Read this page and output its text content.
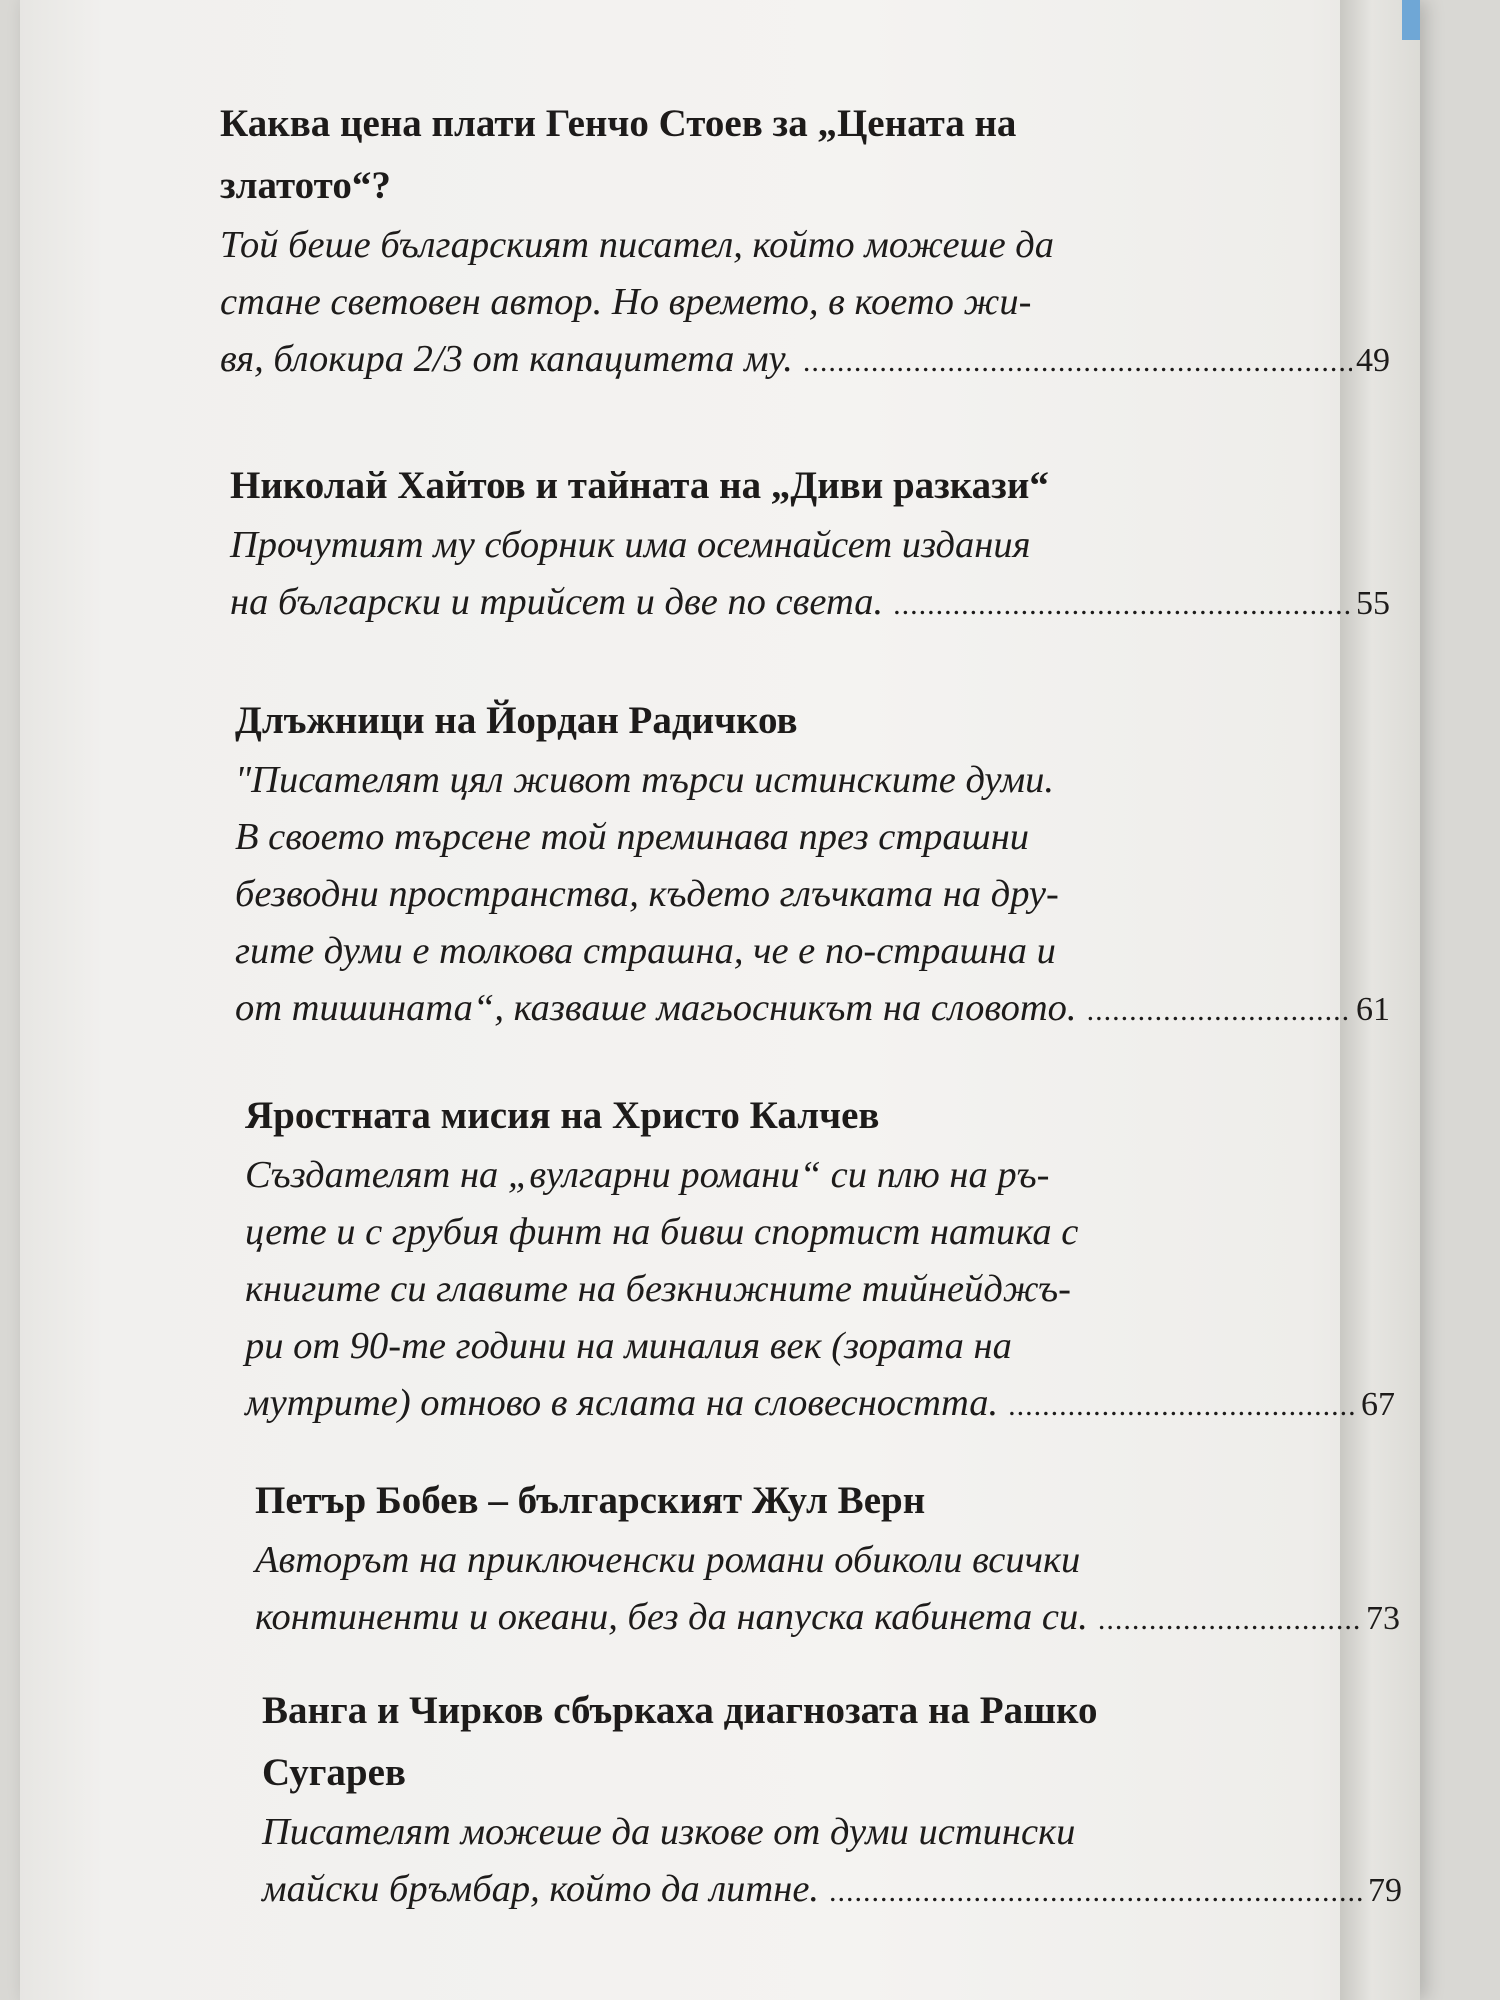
Каква цена плати Генчо Стоев за „Цената на
златото“?

Той беше българският писател, който можеше да
стане световен автор. Но времето, в което жи-
вя, блокира 2/3 от капацитета му. .....	49

Николай Хайтов и тайната на „Диви разкази“

Прочутият му сборник има осемнайсет издания
на български и трийсет и две по света. .....	55

Длъжници на Йордан Радичков

"Писателят цял живот търси истинските думи.
В своето търсене той преминава през страшни
безводни пространства, където глъчката на дру-
гите думи е толкова страшна, че е по-страшна и
от тишината“, казваше магьосникът на словото. .....	61

Яростната мисия на Христо Калчев

Създателят на „вулгарни романи“ си плю на ръ-
цете и с грубия финт на бивш спортист натика с
книгите си главите на безкнижните тийнейджъ-
ри от 90-те години на миналия век (зората на
мутрите) отново в яслата на словесността. .....	67

Петър Бобев – българският Жул Верн

Авторът на приключенски романи обиколи всички
континенти и океани, без да напуска кабинета си. .....	73

Ванга и Чирков сбъркаха диагнозата на Рашко
Сугарев

Писателят можеше да изкове от думи истински
майски бръмбар, който да литне. .....	79
